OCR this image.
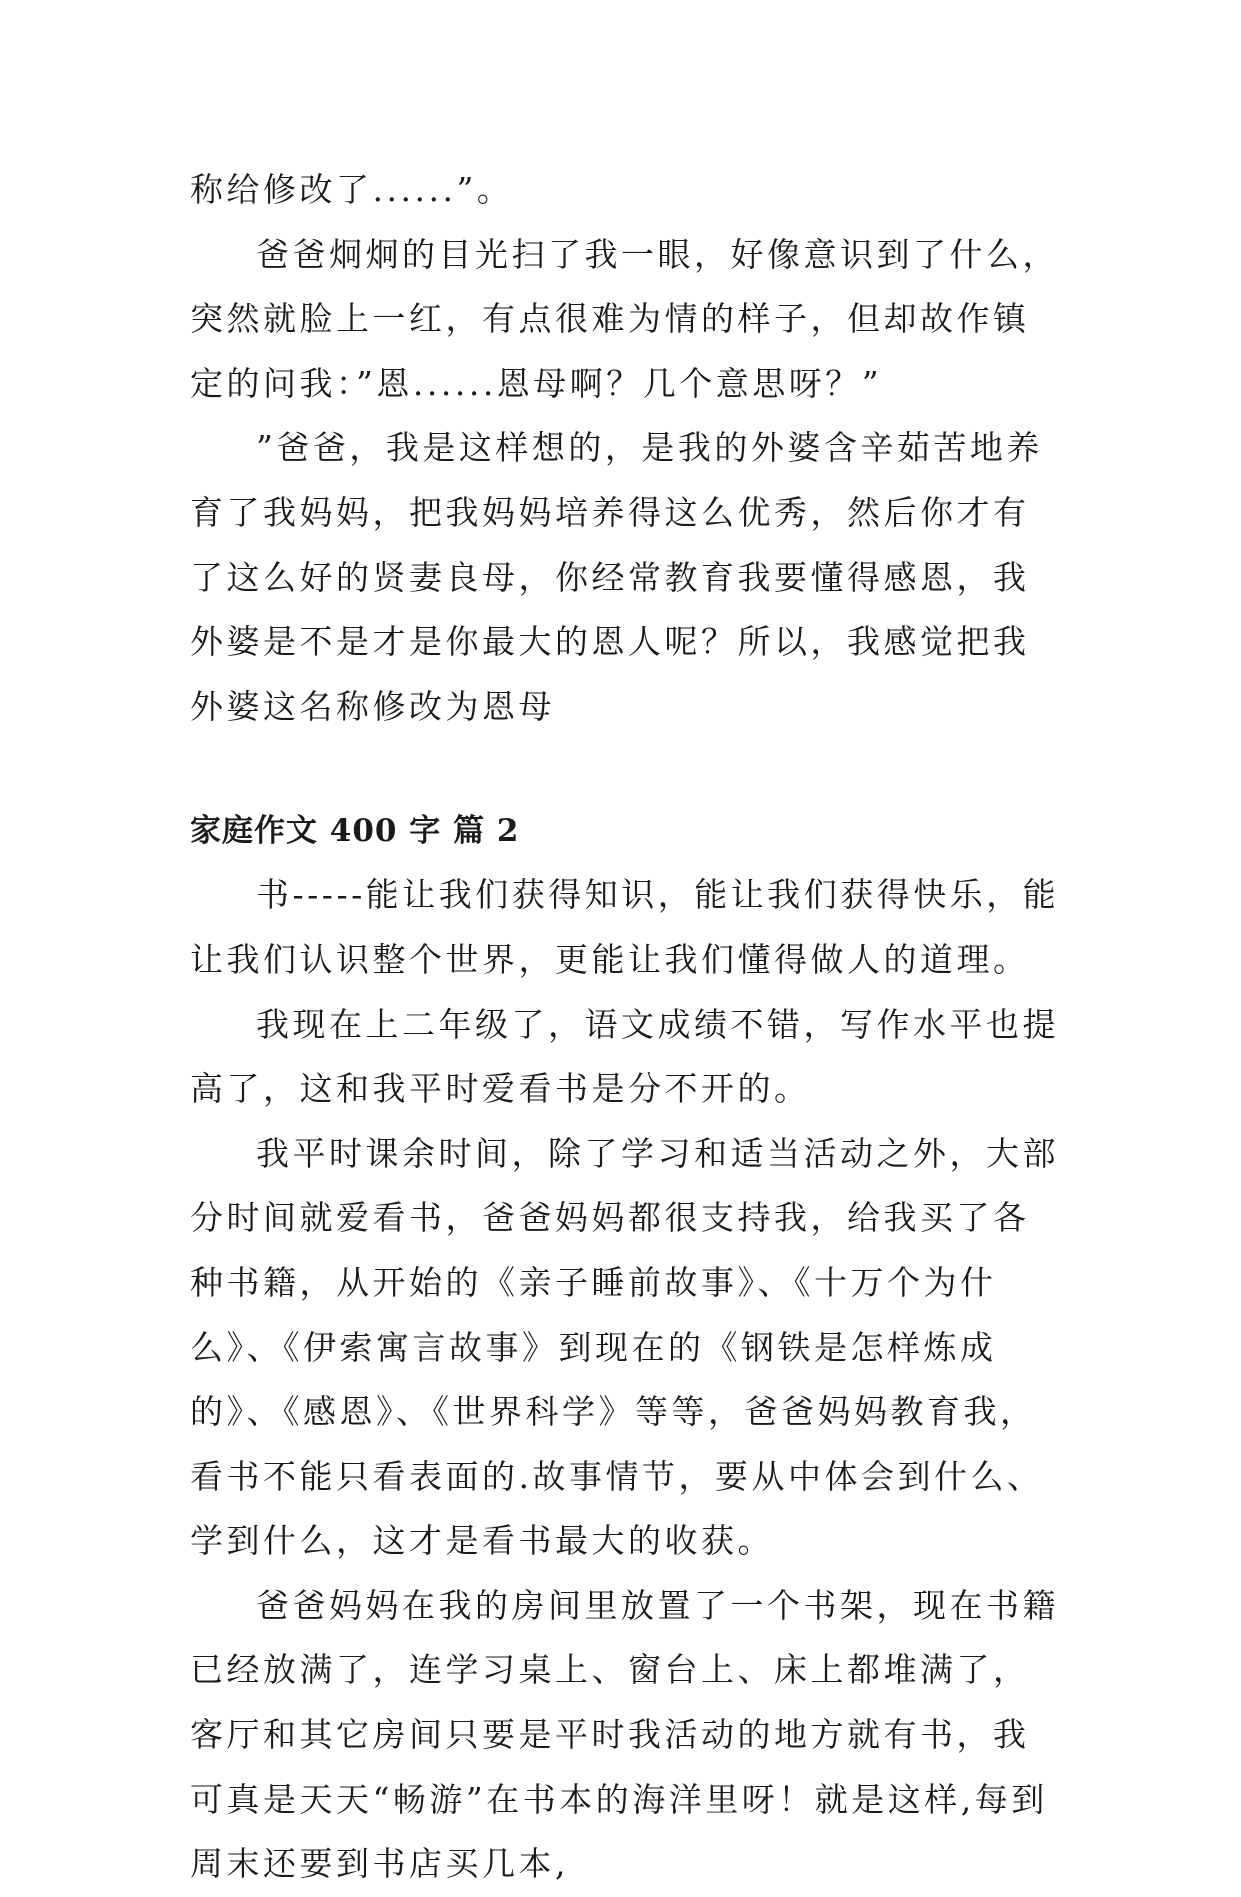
称给修改了......”。

爸爸炯炯的目光扫了我一眼，好像意识到了什么，突然就脸上一红，有点很难为情的样子，但却故作镇定的问我：”恩......恩母啊？几个意思呀？”

”爸爸，我是这样想的，是我的外婆含辛茹苦地养育了我妈妈，把我妈妈培养得这么优秀，然后你才有了这么好的贤妻良母，你经常教育我要懂得感恩，我外婆是不是才是你最大的恩人呢？所以，我感觉把我外婆这名称修改为恩母

家庭作文 400 字 篇 2

书-----能让我们获得知识，能让我们获得快乐，能让我们认识整个世界，更能让我们懂得做人的道理。

我现在上二年级了，语文成绩不错，写作水平也提高了，这和我平时爱看书是分不开的。

我平时课余时间，除了学习和适当活动之外，大部分时间就爱看书，爸爸妈妈都很支持我，给我买了各种书籍，从开始的《亲子睡前故事》、《十万个为什么》、《伊索寓言故事》到现在的《钢铁是怎样炼成的》、《感恩》、《世界科学》等等，爸爸妈妈教育我，看书不能只看表面的.故事情节，要从中体会到什么、学到什么，这才是看书最大的收获。

爸爸妈妈在我的房间里放置了一个书架，现在书籍已经放满了，连学习桌上、窗台上、床上都堆满了，客厅和其它房间只要是平时我活动的地方就有书，我可真是天天“畅游”在书本的海洋里呀！就是这样,每到周末还要到书店买几本,
